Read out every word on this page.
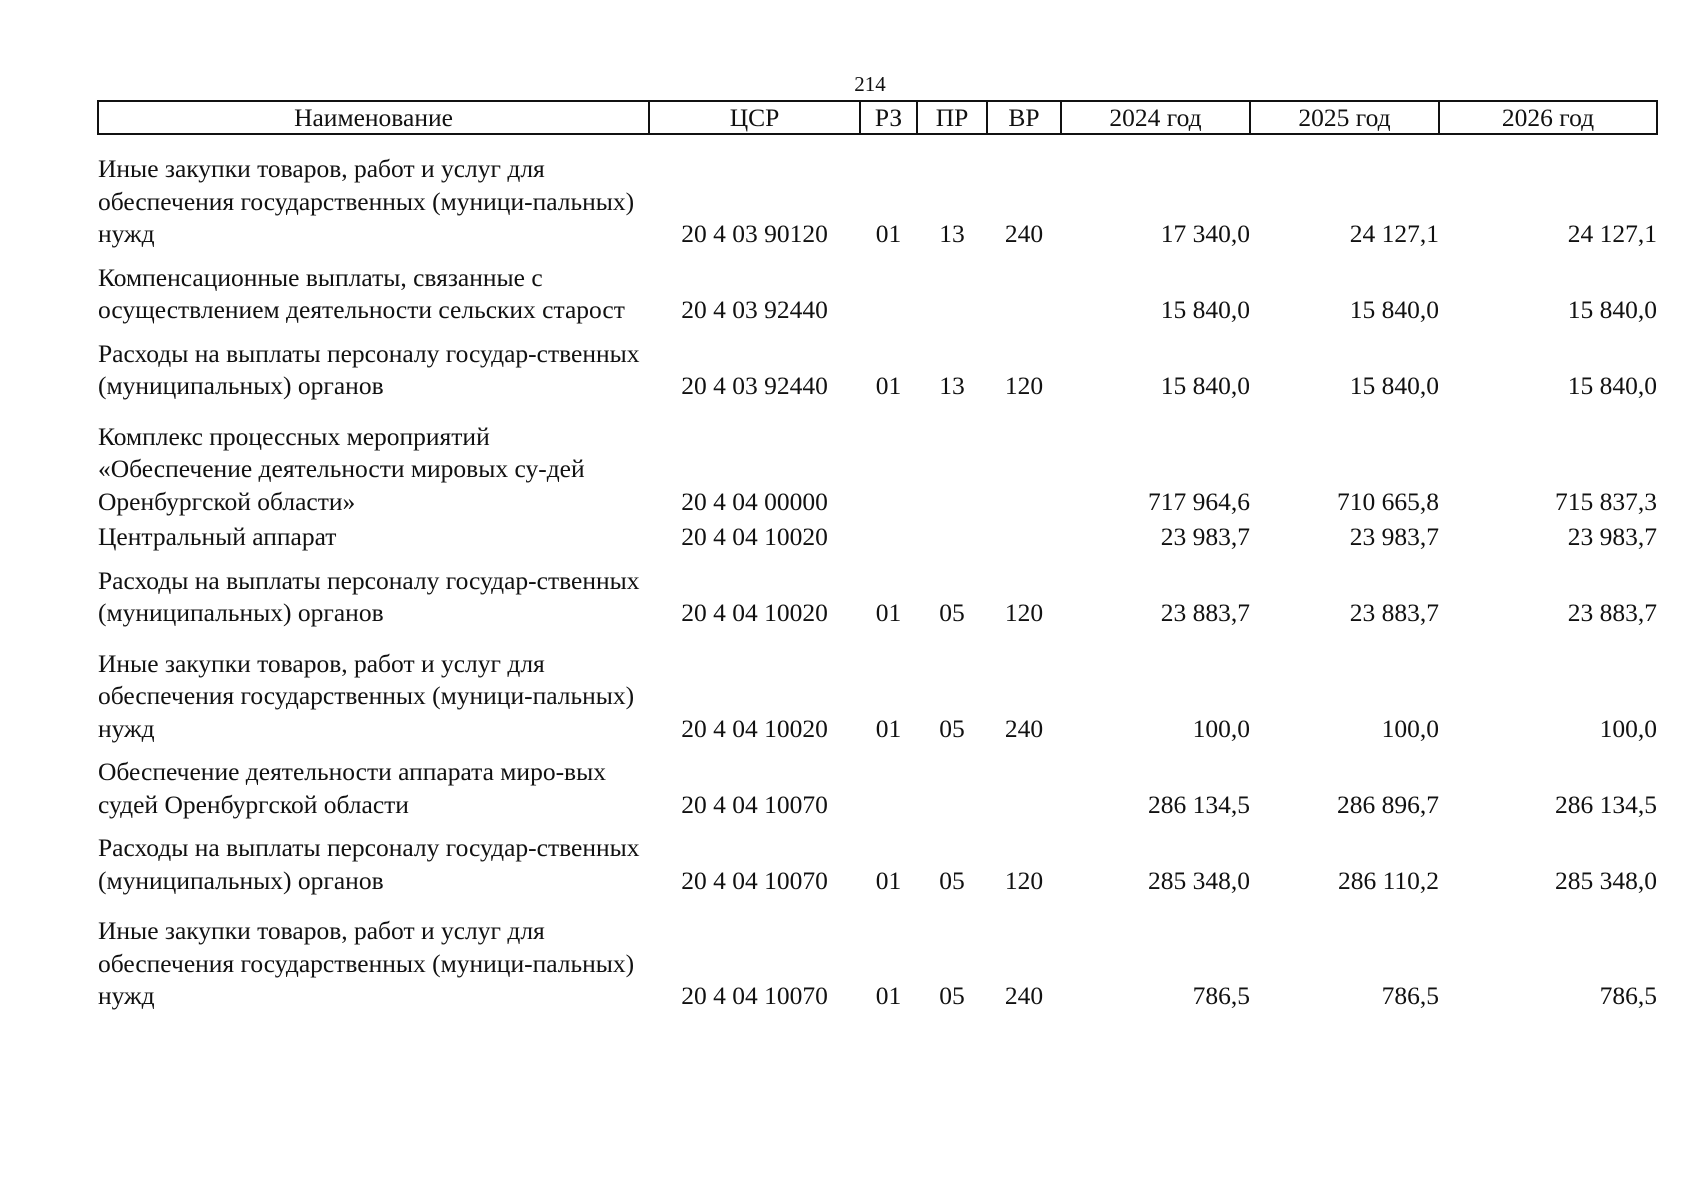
214
Наименование	ЦСР	РЗ	ПР	ВР	2024 год	2025 год	2026 год
Иные закупки товаров, работ и услуг для обеспечения государственных (муници-пальных) нужд	20 4 03 90120	01	13	240	17 340,0	24 127,1	24 127,1
Компенсационные выплаты, связанные с осуществлением деятельности сельских старост	20 4 03 92440				15 840,0	15 840,0	15 840,0
Расходы на выплаты персоналу государ-ственных (муниципальных) органов	20 4 03 92440	01	13	120	15 840,0	15 840,0	15 840,0
Комплекс процессных мероприятий «Обеспечение деятельности мировых су-дей Оренбургской области»	20 4 04 00000				717 964,6	710 665,8	715 837,3
Центральный аппарат	20 4 04 10020				23 983,7	23 983,7	23 983,7
Расходы на выплаты персоналу государ-ственных (муниципальных) органов	20 4 04 10020	01	05	120	23 883,7	23 883,7	23 883,7
Иные закупки товаров, работ и услуг для обеспечения государственных (муници-пальных) нужд	20 4 04 10020	01	05	240	100,0	100,0	100,0
Обеспечение деятельности аппарата миро-вых судей Оренбургской области	20 4 04 10070				286 134,5	286 896,7	286 134,5
Расходы на выплаты персоналу государ-ственных (муниципальных) органов	20 4 04 10070	01	05	120	285 348,0	286 110,2	285 348,0
Иные закупки товаров, работ и услуг для обеспечения государственных (муници-пальных) нужд	20 4 04 10070	01	05	240	786,5	786,5	786,5
